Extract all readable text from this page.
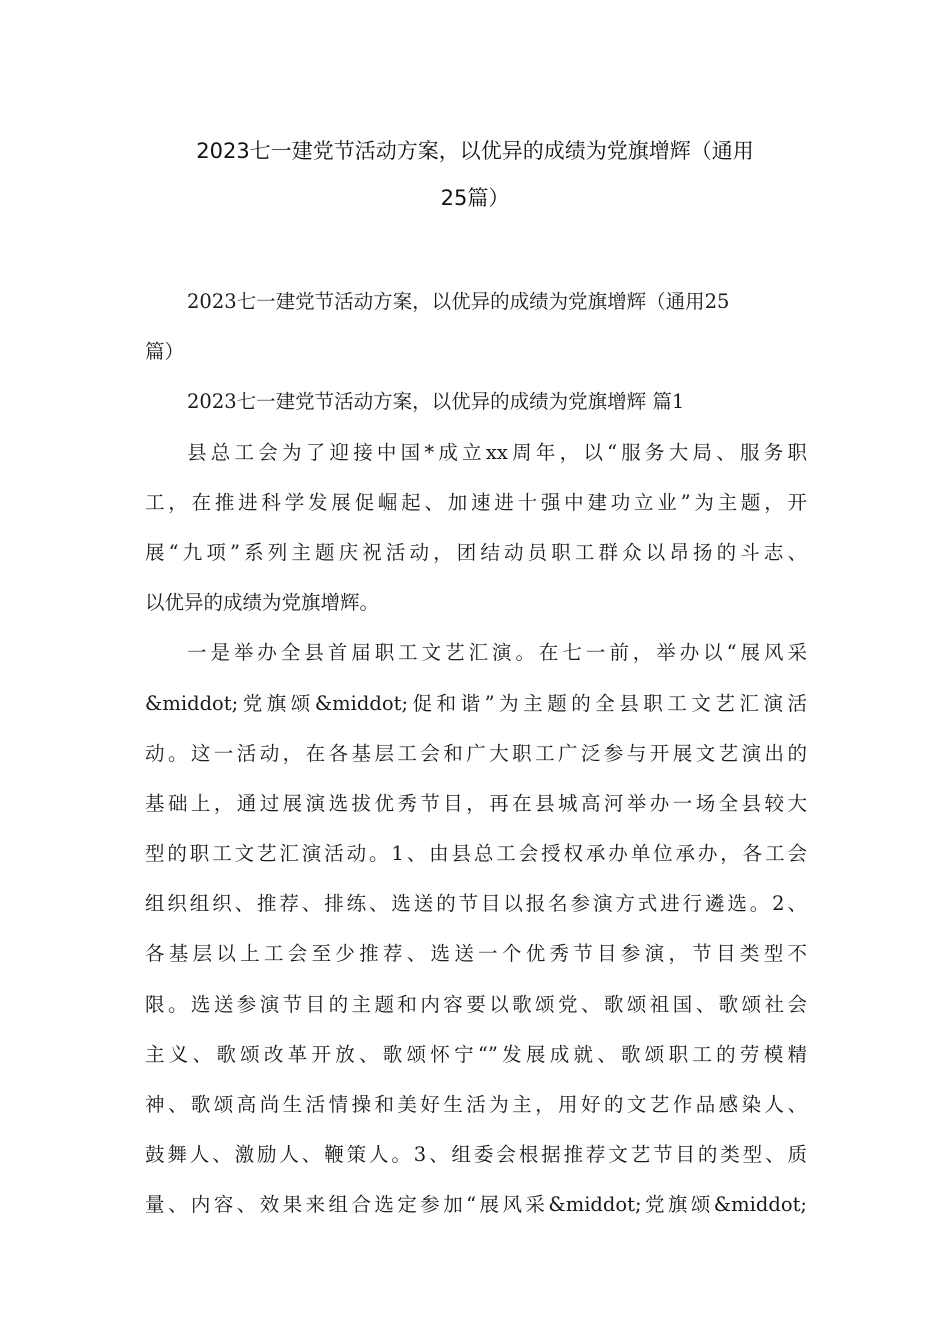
2023七一建党节活动方案，以优异的成绩为党旗增辉（通用
25篇）
2023七一建党节活动方案，以优异的成绩为党旗增辉（通用25
篇）
2023七一建党节活动方案，以优异的成绩为党旗增辉 篇1
县总工会为了迎接中国*成立xx周年，以“服务大局、服务职
工，在推进科学发展促崛起、加速进十强中建功立业”为主题，开
展“九项”系列主题庆祝活动，团结动员职工群众以昂扬的斗志、
以优异的成绩为党旗增辉。
一是举办全县首届职工文艺汇演。在七一前，举办以“展风采
&middot;党旗颂&middot;促和谐”为主题的全县职工文艺汇演活
动。这一活动，在各基层工会和广大职工广泛参与开展文艺演出的
基础上，通过展演选拔优秀节目，再在县城高河举办一场全县较大
型的职工文艺汇演活动。1、由县总工会授权承办单位承办，各工会
组织组织、推荐、排练、选送的节目以报名参演方式进行遴选。2、
各基层以上工会至少推荐、选送一个优秀节目参演，节目类型不
限。选送参演节目的主题和内容要以歌颂党、歌颂祖国、歌颂社会
主义、歌颂改革开放、歌颂怀宁“”发展成就、歌颂职工的劳模精
神、歌颂高尚生活情操和美好生活为主，用好的文艺作品感染人、
鼓舞人、激励人、鞭策人。3、组委会根据推荐文艺节目的类型、质
量、内容、效果来组合选定参加“展风采&middot;党旗颂&middot;
